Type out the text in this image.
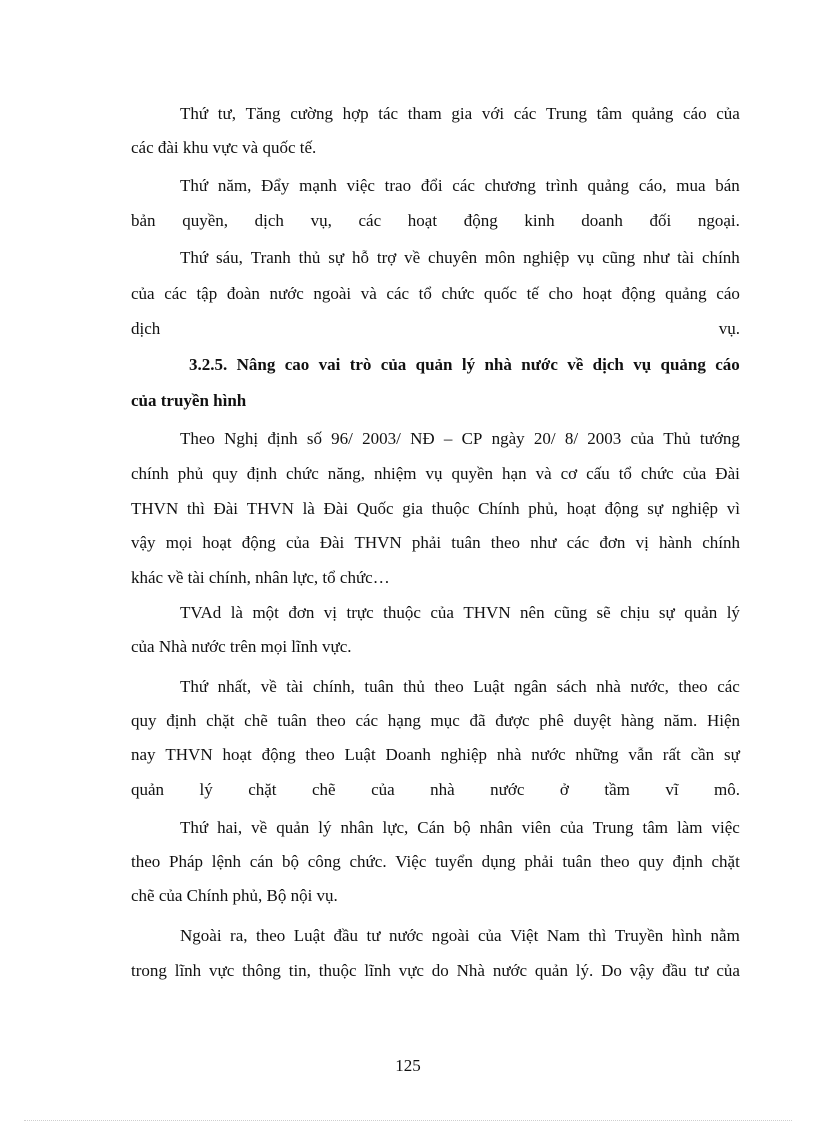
Thứ tư, Tăng cường hợp tác tham gia với các Trung tâm quảng cáo của
các đài khu vực và quốc tế.
Thứ năm, Đẩy mạnh việc trao đổi các chương trình quảng cáo, mua bán
bản quyền, dịch vụ, các hoạt động kinh doanh đối ngoại.
Thứ sáu, Tranh thủ sự hỗ trợ về chuyên môn nghiệp vụ cũng như tài chính
của các tập đoàn nước ngoài và các tổ chức quốc tế cho hoạt động quảng cáo
dịch	vụ.
3.2.5. Nâng cao vai trò của quản lý nhà nước về dịch vụ quảng cáo
của truyền hình
Theo Nghị định số 96/ 2003/ NĐ – CP ngày 20/ 8/ 2003 của Thủ tướng
chính phủ quy định chức năng, nhiệm vụ quyền hạn và cơ cấu tổ chức của Đài
THVN thì Đài THVN là Đài Quốc gia thuộc Chính phủ, hoạt động sự nghiệp vì
vậy mọi hoạt động của Đài THVN phải tuân theo như các đơn vị hành chính
khác về tài chính, nhân lực, tổ chức…
TVAd là một đơn vị trực thuộc của THVN nên cũng sẽ chịu sự quản lý
của Nhà nước trên mọi lĩnh vực.
Thứ nhất, về tài chính, tuân thủ theo Luật ngân sách nhà nước, theo các
quy định chặt chẽ tuân theo các hạng mục đã được phê duyệt hàng năm. Hiện
nay THVN hoạt động theo Luật Doanh nghiệp nhà nước những vẫn rất cần sự
quản lý chặt chẽ của nhà nước ở tầm vĩ mô.
Thứ hai, về quản lý nhân lực, Cán bộ nhân viên của Trung tâm làm việc
theo Pháp lệnh cán bộ công chức. Việc tuyển dụng phải tuân theo quy định chặt
chẽ của Chính phủ, Bộ nội vụ.
Ngoài ra, theo Luật đầu tư nước ngoài của Việt Nam thì Truyền hình nằm
trong lĩnh vực thông tin, thuộc lĩnh vực do Nhà nước quản lý. Do vậy đầu tư của
125
